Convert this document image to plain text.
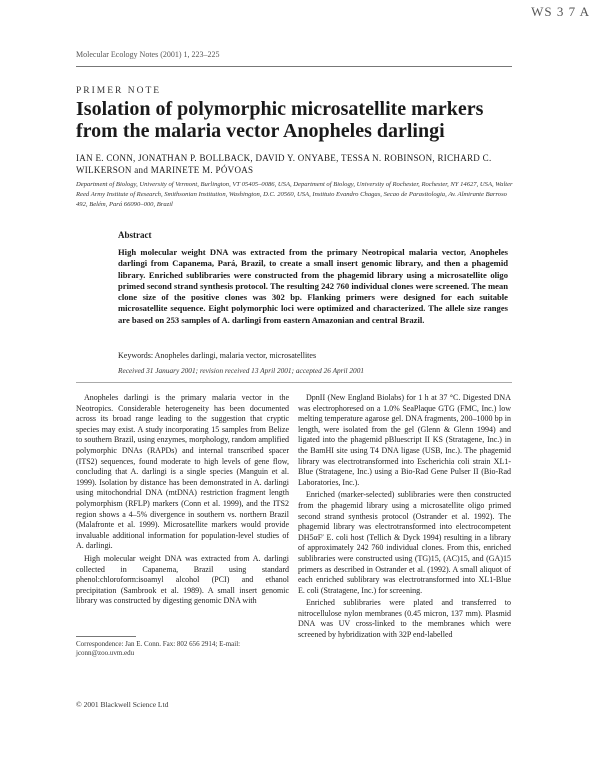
WS 3 7 A
Molecular Ecology Notes (2001) 1, 223–225
PRIMER NOTE
Isolation of polymorphic microsatellite markers from the malaria vector Anopheles darlingi
IAN E. CONN, JONATHAN P. BOLLBACK, DAVID Y. ONYABE, TESSA N. ROBINSON, RICHARD C. WILKERSON and MARINETE M. PÓVOAS
Department of Biology, University of Vermont, Burlington, VT 05405–0086, USA, Department of Biology, University of Rochester, Rochester, NY 14627, USA, Walter Reed Army Institute of Research, Smithsonian Institution, Washington, D.C. 20560, USA, Instituto Evandro Chagas, Secao de Parasitologia, Av. Almirante Barroso 492, Belém, Pará 66090–000, Brazil
Abstract

High molecular weight DNA was extracted from the primary Neotropical malaria vector, Anopheles darlingi from Capanema, Pará, Brazil, to create a small insert genomic library, and then a phagemid library. Enriched sublibraries were constructed from the phagemid library using a microsatellite oligo primed second strand synthesis protocol. The resulting 242 760 individual clones were screened. The mean clone size of the positive clones was 302 bp. Flanking primers were designed for each suitable microsatellite sequence. Eight polymorphic loci were optimized and characterized. The allele size ranges are based on 253 samples of A. darlingi from eastern Amazonian and central Brazil.

Keywords: Anopheles darlingi, malaria vector, microsatellites
Received 31 January 2001; revision received 13 April 2001; accepted 26 April 2001

Anopheles darlingi is the primary malaria vector in the Neotropics. Considerable heterogeneity has been documented across its broad range leading to the suggestion that cryptic species may exist. A study incorporating 15 samples from Belize to southern Brazil, using enzymes, morphology, random amplified polymorphic DNAs (RAPDs) and internal transcribed spacer (ITS2) sequences, found moderate to high levels of gene flow, concluding that A. darlingi is a single species (Manguin et al. 1999). Isolation by distance has been demonstrated in A. darlingi using mitochondrial DNA (mtDNA) restriction fragment length polymorphism (RFLP) markers (Conn et al. 1999), and the ITS2 region shows a 4–5% divergence in southern vs. northern Brazil (Malafronte et al. 1999). Microsatellite markers would provide invaluable additional information for population-level studies of A. darlingi.

High molecular weight DNA was extracted from A. darlingi collected in Capanema, Brazil using standard phenol:chloroform:isoamyl alcohol (PCI) and ethanol precipitation (Sambrook et al. 1989). A small insert genomic library was constructed by digesting genomic DNA with

DpnII (New England Biolabs) for 1 h at 37 °C. Digested DNA was electrophoresed on a 1.0% SeaPlaque GTG (FMC, Inc.) low melting temperature agarose gel. DNA fragments, 200–1000 bp in length, were isolated from the gel (Glenn & Glenn 1994) and ligated into the phagemid pBluescript II KS (Stratagene, Inc.) in the BamHI site using T4 DNA ligase (USB, Inc.). The phagemid library was electrotransformed into Escherichia coli strain XL1-Blue (Stratagene, Inc.) using a Bio-Rad Gene Pulser II (Bio-Rad Laboratories, Inc.).

Enriched (marker-selected) sublibraries were then constructed from the phagemid library using a microsatellite oligo primed second strand synthesis protocol (Ostrander et al. 1992). The phagemid library was electrotransformed into electrocompetent DH5αF′ E. coli host (Tellich & Dyck 1994) resulting in a library of approximately 242 760 individual clones. From this, enriched sublibraries were constructed using (TG)15, (AC)15, and (GA)15 primers as described in Ostrander et al. (1992). A small aliquot of each enriched sublibrary was electrotransformed into XL1-Blue E. coli (Stratagene, Inc.) for screening.

Enriched sublibraries were plated and transferred to nitrocellulose nylon membranes (0.45 micron, 137 mm). Plasmid DNA was UV cross-linked to the membranes which were screened by hybridization with 32P end-labelled

Correspondence: Jan E. Conn. Fax: 802 656 2914; E-mail: jconn@zoo.uvm.edu
© 2001 Blackwell Science Ltd
